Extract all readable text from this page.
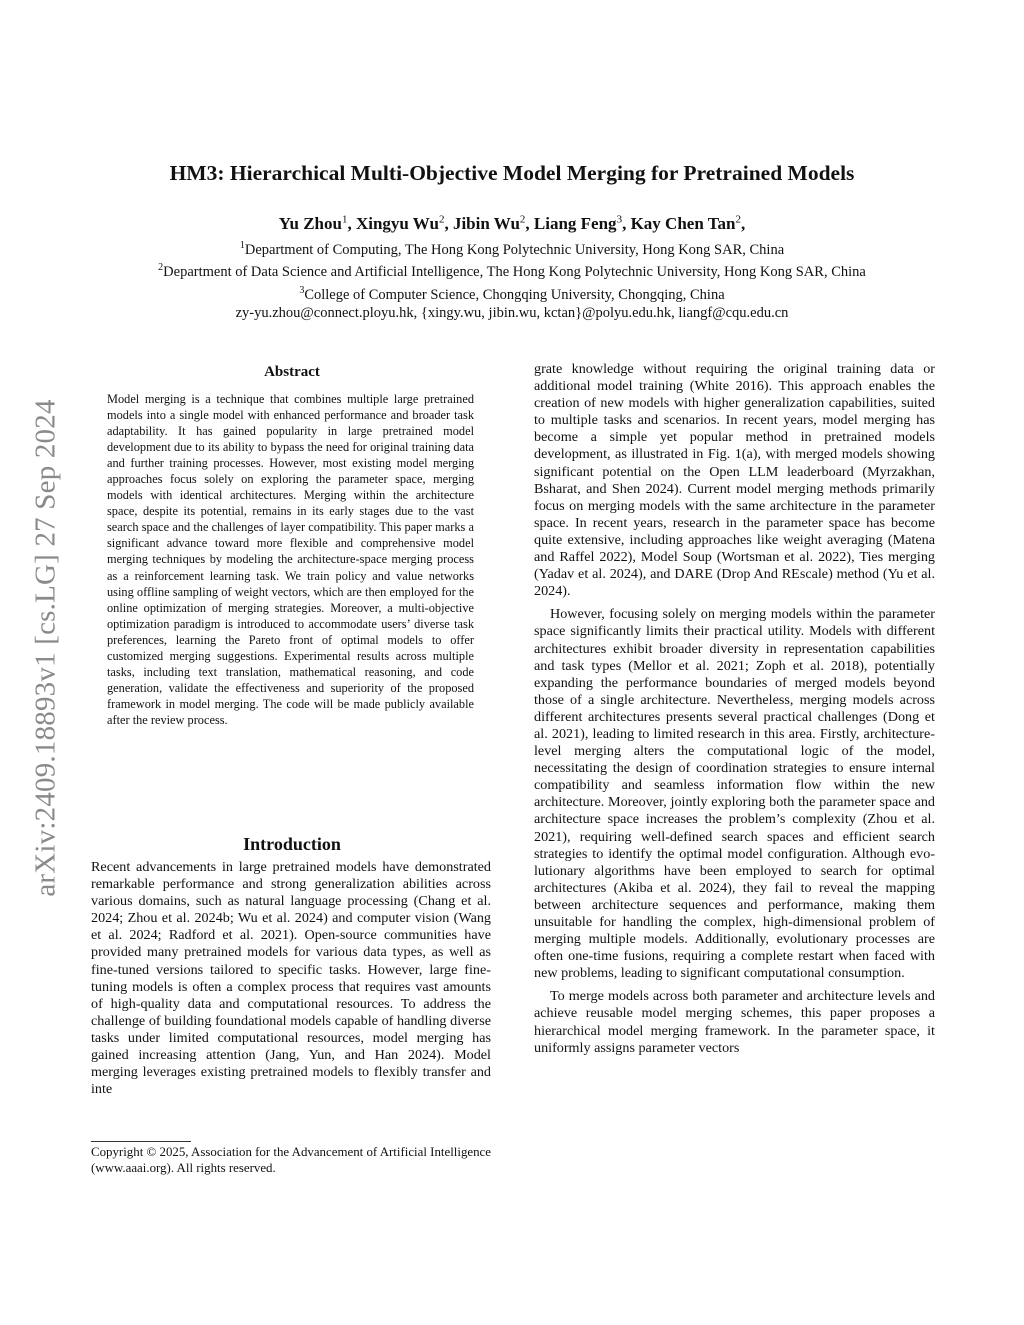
arXiv:2409.18893v1 [cs.LG] 27 Sep 2024
HM3: Hierarchical Multi-Objective Model Merging for Pretrained Models
Yu Zhou$^1$, Xingyu Wu$^2$, Jibin Wu$^2$, Liang Feng$^3$, Kay Chen Tan$^2$,
$^1$Department of Computing, The Hong Kong Polytechnic University, Hong Kong SAR, China
$^2$Department of Data Science and Artificial Intelligence, The Hong Kong Polytechnic University, Hong Kong SAR, China
$^3$College of Computer Science, Chongqing University, Chongqing, China
zy-yu.zhou@connect.ployu.hk, {xingy.wu, jibin.wu, kctan}@polyu.edu.hk, liangf@cqu.edu.cn
Abstract
Model merging is a technique that combines multiple large pretrained models into a single model with enhanced performance and broader task adaptability. It has gained popularity in large pretrained model development due to its ability to bypass the need for original training data and further training processes. However, most existing model merging approaches focus solely on exploring the parameter space, merging models with identical architectures. Merging within the architecture space, despite its potential, remains in its early stages due to the vast search space and the challenges of layer compatibility. This paper marks a significant advance toward more flexible and comprehensive model merging techniques by modeling the architecture-space merging process as a reinforcement learning task. We train policy and value networks using offline sampling of weight vectors, which are then employed for the online optimization of merging strategies. Moreover, a multi-objective optimization paradigm is introduced to accommodate users’ diverse task preferences, learning the Pareto front of optimal models to offer customized merging suggestions. Experimental results across multiple tasks, including text translation, mathematical reasoning, and code generation, validate the effectiveness and superiority of the proposed framework in model merging. The code will be made publicly available after the review process.
Introduction
Recent advancements in large pretrained models have demonstrated remarkable performance and strong generalization abilities across various domains, such as natural language processing (Chang et al. 2024; Zhou et al. 2024b; Wu et al. 2024) and computer vision (Wang et al. 2024; Radford et al. 2021). Open-source communities have provided many pretrained models for various data types, as well as fine-tuned versions tailored to specific tasks. However, large fine-tuning models is often a complex process that requires vast amounts of high-quality data and computational resources. To address the challenge of building foundational models capable of handling diverse tasks under limited computational resources, model merging has gained increasing attention (Jang, Yun, and Han 2024). Model merging leverages existing pretrained models to flexibly transfer and inte
Copyright © 2025, Association for the Advancement of Artificial Intelligence (www.aaai.org). All rights reserved.

grate knowledge without requiring the original training data or additional model training (White 2016). This approach enables the creation of new models with higher generalization capabilities, suited to multiple tasks and scenarios. In recent years, model merging has become a simple yet popular method in pretrained models development, as illustrated in Fig. 1(a), with merged models showing significant potential on the Open LLM leaderboard (Myrzakhan, Bsharat, and Shen 2024). Current model merging methods primarily focus on merging models with the same architecture in the parameter space. In recent years, research in the parameter space has become quite extensive, including approaches like weight averaging (Matena and Raffel 2022), Model Soup (Wortsman et al. 2022), Ties merging (Yadav et al. 2024), and DARE (Drop And REscale) method (Yu et al. 2024).

However, focusing solely on merging models within the parameter space significantly limits their practical utility. Models with different architectures exhibit broader diversity in representation capabilities and task types (Mellor et al. 2021; Zoph et al. 2018), potentially expanding the performance boundaries of merged models beyond those of a single architecture. Nevertheless, merging models across different architectures presents several practical challenges (Dong et al. 2021), leading to limited research in this area. Firstly, architecture-level merging alters the computational logic of the model, necessitating the design of coordination strategies to ensure internal compatibility and seamless information flow within the new architecture. Moreover, jointly exploring both the parameter space and architecture space increases the problem’s complexity (Zhou et al. 2021), requiring well-defined search spaces and efficient search strategies to identify the optimal model configuration. Although evolutionary algorithms have been employed to search for optimal architectures (Akiba et al. 2024), they fail to reveal the mapping between architecture sequences and performance, making them unsuitable for handling the complex, high-dimensional problem of merging multiple models. Additionally, evolutionary processes are often one-time fusions, requiring a complete restart when faced with new problems, leading to significant computational consumption.

To merge models across both parameter and architecture levels and achieve reusable model merging schemes, this paper proposes a hierarchical model merging framework. In the parameter space, it uniformly assigns parameter vectors
